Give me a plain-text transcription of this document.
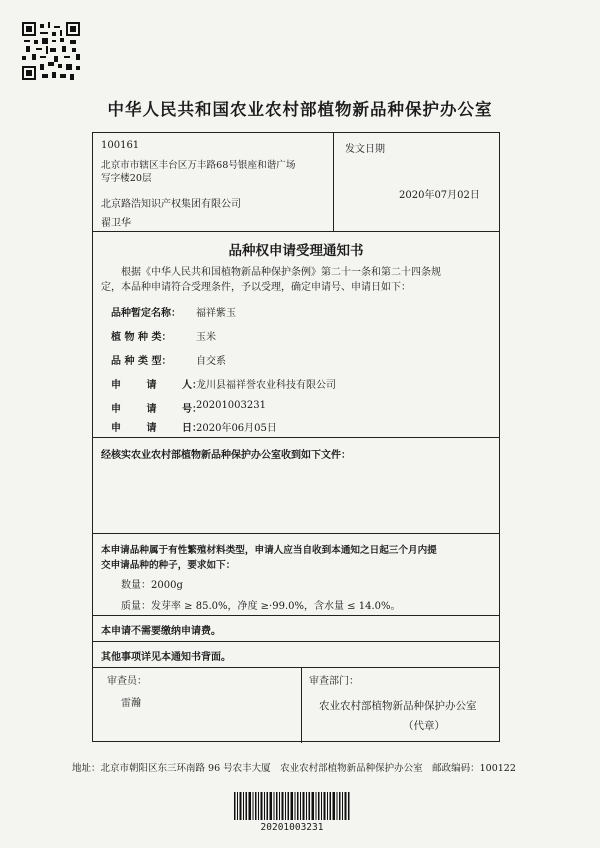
中华人民共和国农业农村部植物新品种保护办公室
100161
北京市市辖区丰台区万丰路68号银座和谐广场
写字楼20层
北京路浩知识产权集团有限公司
翟卫华
发文日期
2020年07月02日
品种权申请受理通知书
根据《中华人民共和国植物新品种保护条例》第二十一条和第二十四条规
定，本品种申请符合受理条件，予以受理，确定申请号、申请日如下：
品种暂定名称： 福祥紫玉
植 物 种 类： 玉米
品 种 类 型： 自交系
申 请 人：
龙川县福祥誉农业科技有限公司
申 请 号：
20201003231
申 请 日：
2020年06月05日
经核实农业农村部植物新品种保护办公室收到如下文件：
本申请品种属于有性繁殖材料类型，申请人应当自收到本通知之日起三个月内提
交申请品种的种子，要求如下：
数量：2000g
质量：发芽率 ≥ 85.0%，净度 ≥·99.0%，含水量 ≤ 14.0%。
本申请不需要缴纳申请费。
其他事项详见本通知书背面。
审查员：
雷瀚
审查部门：
农业农村部植物新品种保护办公室
（代章）
地址：北京市朝阳区东三环南路 96 号农丰大厦　农业农村部植物新品种保护办公室　邮政编码：100122
20201003231
